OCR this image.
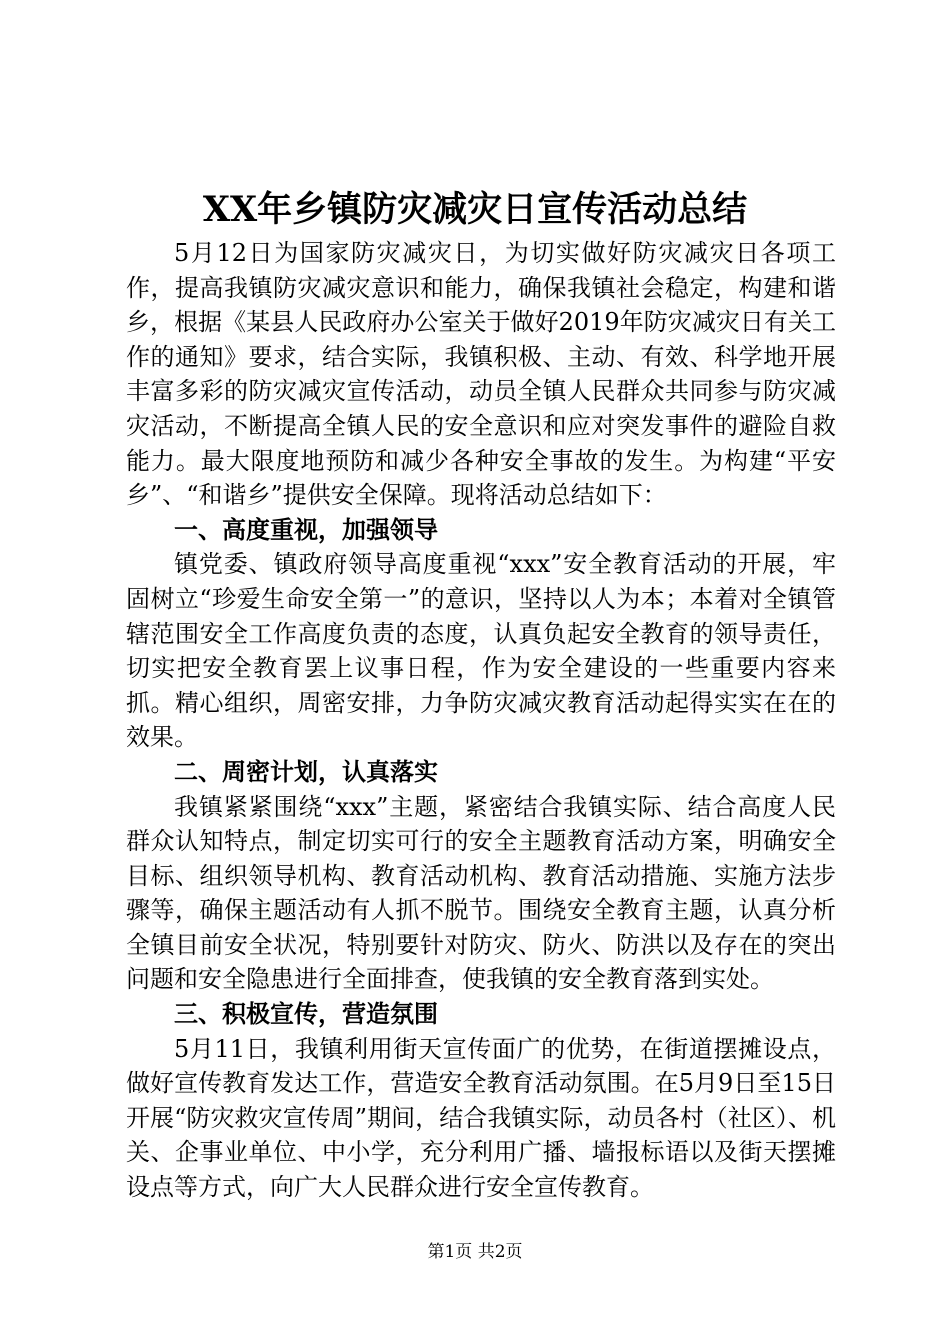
XX年乡镇防灾减灾日宣传活动总结

5月12日为国家防灾减灾日，为切实做好防灾减灾日各项工作，提高我镇防灾减灾意识和能力，确保我镇社会稳定，构建和谐乡，根据《某县人民政府办公室关于做好2019年防灾减灾日有关工作的通知》要求，结合实际，我镇积极、主动、有效、科学地开展丰富多彩的防灾减灾宣传活动，动员全镇人民群众共同参与防灾减灾活动，不断提高全镇人民的安全意识和应对突发事件的避险自救能力。最大限度地预防和减少各种安全事故的发生。为构建“平安乡”、“和谐乡”提供安全保障。现将活动总结如下：

一、高度重视，加强领导

镇党委、镇政府领导高度重视“xxx”安全教育活动的开展，牢固树立“珍爱生命安全第一”的意识，坚持以人为本；本着对全镇管辖范围安全工作高度负责的态度，认真负起安全教育的领导责任，切实把安全教育罢上议事日程，作为安全建设的一些重要内容来抓。精心组织，周密安排，力争防灾减灾教育活动起得实实在在的效果。

二、周密计划，认真落实

我镇紧紧围绕“xxx”主题，紧密结合我镇实际、结合高度人民群众认知特点，制定切实可行的安全主题教育活动方案，明确安全目标、组织领导机构、教育活动机构、教育活动措施、实施方法步骤等，确保主题活动有人抓不脱节。围绕安全教育主题，认真分析全镇目前安全状况，特别要针对防灾、防火、防洪以及存在的突出问题和安全隐患进行全面排查，使我镇的安全教育落到实处。

三、积极宣传，营造氛围

5月11日，我镇利用街天宣传面广的优势，在街道摆摊设点，做好宣传教育发达工作，营造安全教育活动氛围。在5月9日至15日开展“防灾救灾宣传周”期间，结合我镇实际，动员各村（社区）、机关、企事业单位、中小学，充分利用广播、墙报标语以及街天摆摊设点等方式，向广大人民群众进行安全宣传教育。

第1页 共2页
